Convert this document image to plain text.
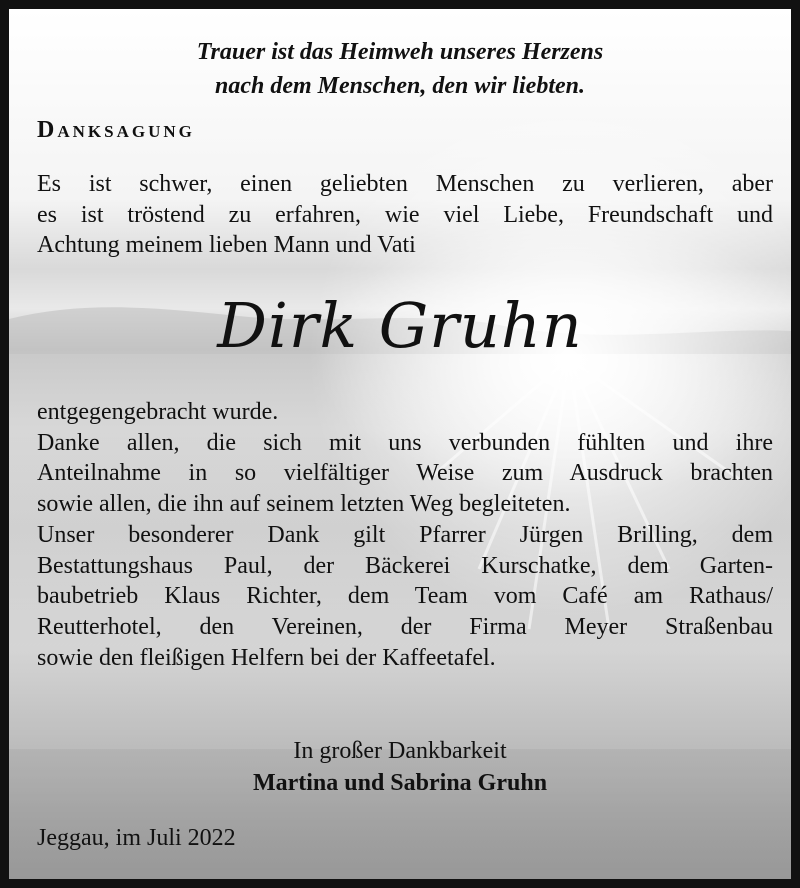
Trauer ist das Heimweh unseres Herzens
nach dem Menschen, den wir liebten.
Danksagung
Es ist schwer, einen geliebten Menschen zu verlieren, aber
es ist tröstend zu erfahren, wie viel Liebe, Freundschaft und
Achtung meinem lieben Mann und Vati
Dirk Gruhn
entgegengebracht wurde.
Danke allen, die sich mit uns verbunden fühlten und ihre
Anteilnahme in so vielfältiger Weise zum Ausdruck brachten
sowie allen, die ihn auf seinem letzten Weg begleiteten.
Unser besonderer Dank gilt Pfarrer Jürgen Brilling, dem
Bestattungshaus Paul, der Bäckerei Kurschatke, dem Garten-
baubetrieb Klaus Richter, dem Team vom Café am Rathaus/
Reutterhotel, den Vereinen, der Firma Meyer Straßenbau
sowie den fleißigen Helfern bei der Kaffeetafel.
In großer Dankbarkeit
Martina und Sabrina Gruhn
Jeggau, im Juli 2022
